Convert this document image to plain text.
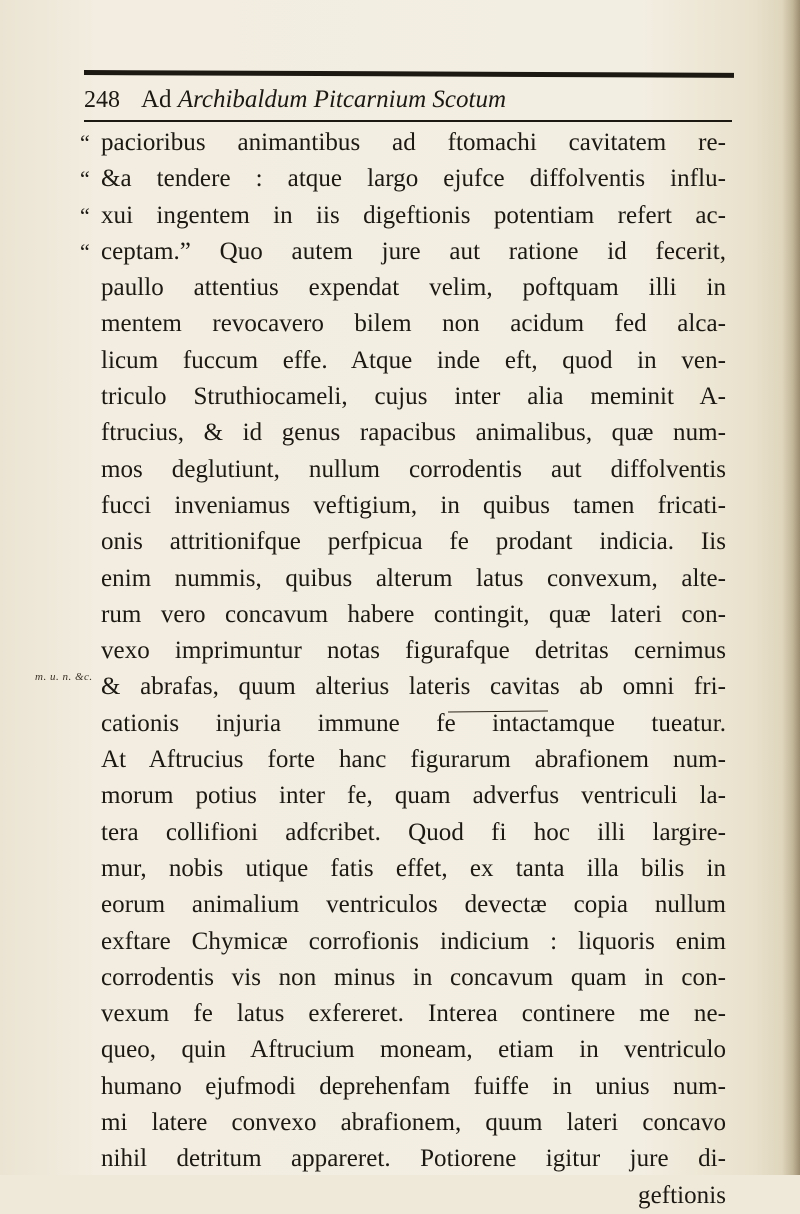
248 Ad Archibaldum Pitcarnium Scotum
m. u. n. &c.
“ pacioribus animantibus ad ftomachi cavitatem re-
“ &a tendere : atque largo ejufce diffolventis influ-
“ xui ingentem in iis digeftionis potentiam refert ac-
“ ceptam.” Quo autem jure aut ratione id fecerit,
paullo attentius expendat velim, poftquam illi in
mentem revocavero bilem non acidum fed alca-
licum fuccum effe. Atque inde eft, quod in ven-
triculo Struthiocameli, cujus inter alia meminit A-
ftrucius, & id genus rapacibus animalibus, quæ num-
mos deglutiunt, nullum corrodentis aut diffolventis
fucci inveniamus veftigium, in quibus tamen fricati-
onis attritionifque perfpicua fe prodant indicia. Iis
enim nummis, quibus alterum latus convexum, alte-
rum vero concavum habere contingit, quæ lateri con-
vexo imprimuntur notas figurafque detritas cernimus
& abrafas, quum alterius lateris cavitas ab omni fri-
cationis injuria immune fe intactamque tueatur.
At Aftrucius forte hanc figurarum abrafionem num-
morum potius inter fe, quam adverfus ventriculi la-
tera collifioni adfcribet. Quod fi hoc illi largire-
mur, nobis utique fatis effet, ex tanta illa bilis in
eorum animalium ventriculos devectæ copia nullum
exftare Chymicæ corrofionis indicium : liquoris enim
corrodentis vis non minus in concavum quam in con-
vexum fe latus exfereret. Interea continere me ne-
queo, quin Aftrucium moneam, etiam in ventriculo
humano ejufmodi deprehenfam fuiffe in unius num-
mi latere convexo abrafionem, quum lateri concavo
nihil detritum appareret. Potiorene igitur jure di-
geftionis
